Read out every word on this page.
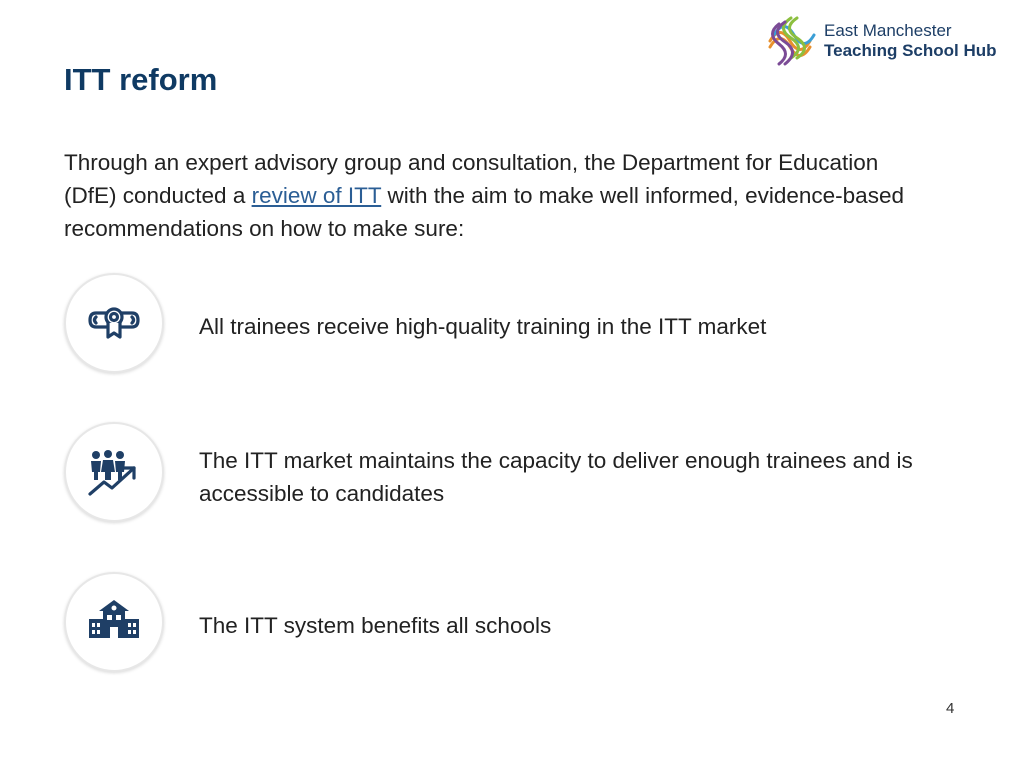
ITT reform
East Manchester
Teaching School Hub

Through an expert advisory group and consultation, the Department for Education (DfE) conducted a review of ITT with the aim to make well informed, evidence-based recommendations on how to make sure:

All trainees receive high-quality training in the ITT market
The ITT market maintains the capacity to deliver enough trainees and is accessible to candidates
The ITT system benefits all schools
4
